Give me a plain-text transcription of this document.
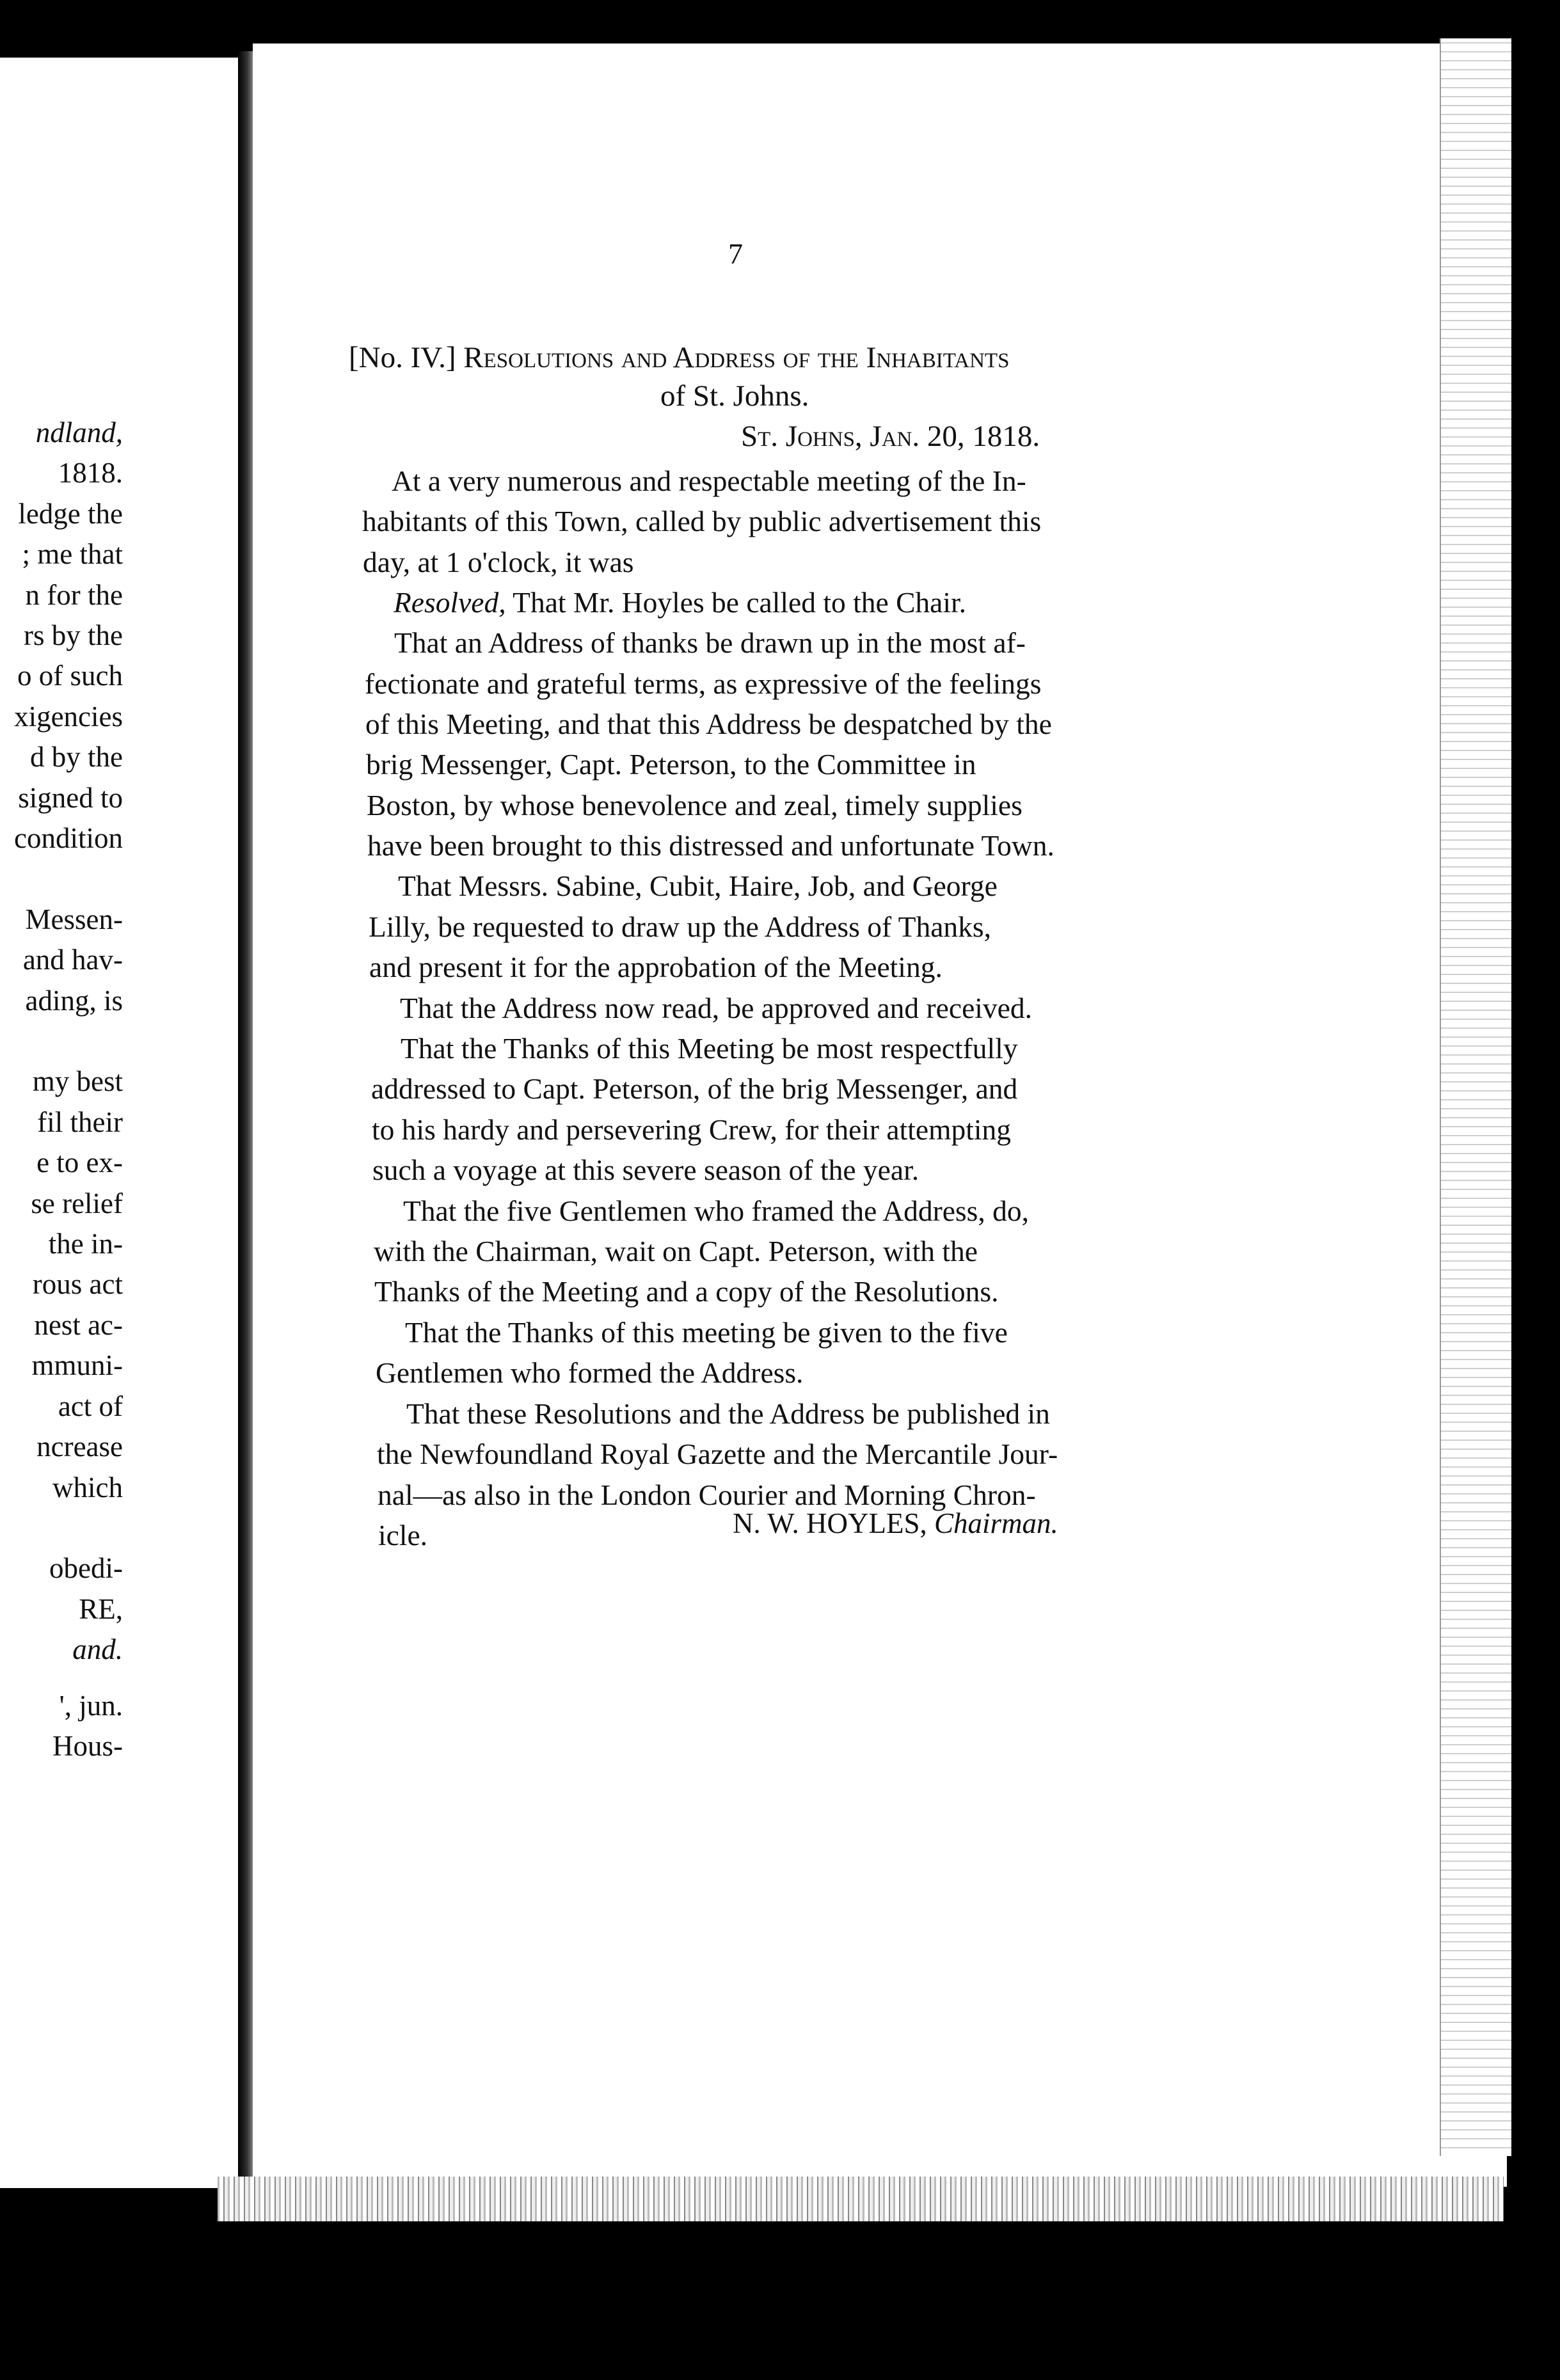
ndland,
1818.
ledge the
; me that
n for the
rs by the
o of such
xigencies
d by the
signed to
condition
Messen-
and hav-
ading, is
my best
fil their
e to ex-
se relief
the in-
rous act
nest ac-
mmuni-
act of
ncrease
which
obedi-
RE,
and.
', jun.
Hous-
7
[No. IV.] Resolutions and Address of the Inhabitants
of St. Johns.
St. Johns, Jan. 20, 1818.
At a very numerous and respectable meeting of the In-
habitants of this Town, called by public advertisement this
day, at 1 o'clock, it was
Resolved, That Mr. Hoyles be called to the Chair.
That an Address of thanks be drawn up in the most af-
fectionate and grateful terms, as expressive of the feelings
of this Meeting, and that this Address be despatched by the
brig Messenger, Capt. Peterson, to the Committee in
Boston, by whose benevolence and zeal, timely supplies
have been brought to this distressed and unfortunate Town.
That Messrs. Sabine, Cubit, Haire, Job, and George
Lilly, be requested to draw up the Address of Thanks,
and present it for the approbation of the Meeting.
That the Address now read, be approved and received.
That the Thanks of this Meeting be most respectfully
addressed to Capt. Peterson, of the brig Messenger, and
to his hardy and persevering Crew, for their attempting
such a voyage at this severe season of the year.
That the five Gentlemen who framed the Address, do,
with the Chairman, wait on Capt. Peterson, with the
Thanks of the Meeting and a copy of the Resolutions.
That the Thanks of this meeting be given to the five
Gentlemen who formed the Address.
That these Resolutions and the Address be published in
the Newfoundland Royal Gazette and the Mercantile Jour-
nal—as also in the London Courier and Morning Chron-
icle.	N. W. HOYLES, Chairman.
